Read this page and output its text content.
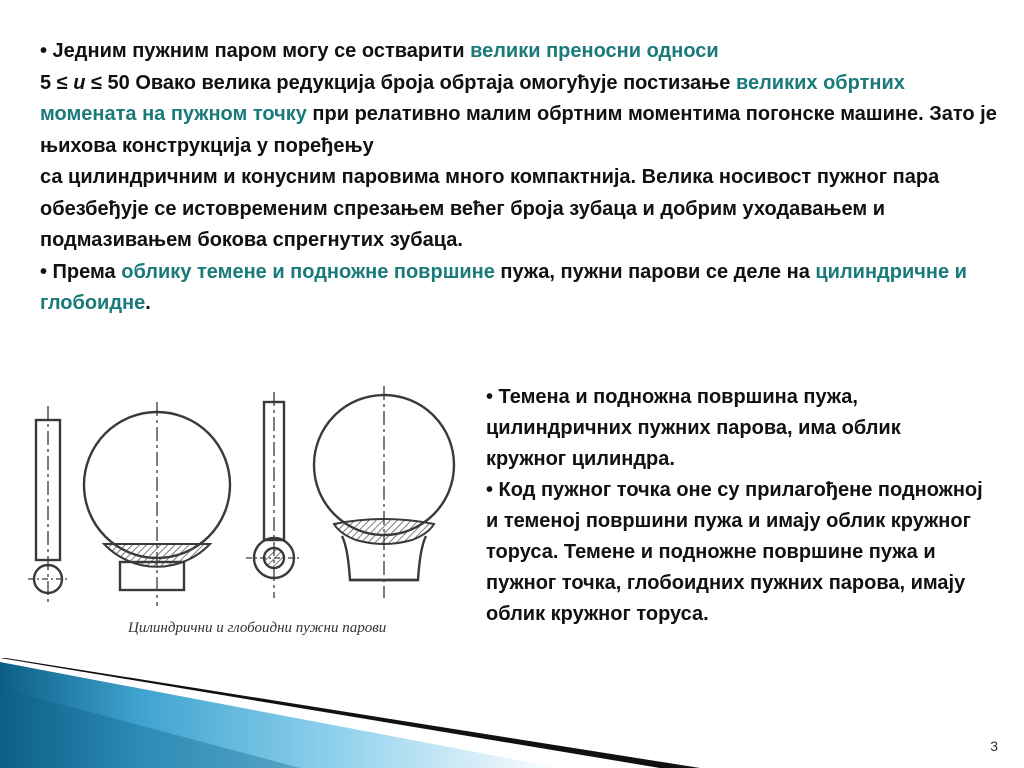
• Једним пужним паром могу се остварити велики преносни односи
5 ≤ u ≤ 50 Овако велика редукција броја обртаја омогућује постизање великих обртних момената на пужном точку при релативно малим обртним моментима погонске машине. Зато је њихова конструкција у поређењу
са цилиндричним и конусним паровима много компактнија. Велика носивост пужног пара обезбеђује се истовременим спрезањем већег броја зубаца и добрим уходавањем и подмазивањем бокова спрегнутих зубаца.

• Према облику темене и подножне површине пужа, пужни парови се деле на цилиндричне и глобоидне.

Цилиндрични и глобоидни пужни парови

• Темена и подножна површина пужа, цилиндричних пужних парова, има облик кружног цилиндра.

• Код пужног точка оне су прилагођене подножној и теменој површини пужа и имају облик кружног торуса. Темене и подножне површине пужа и пужног точка, глобоидних пужних парова, имају облик кружног торуса.

3
